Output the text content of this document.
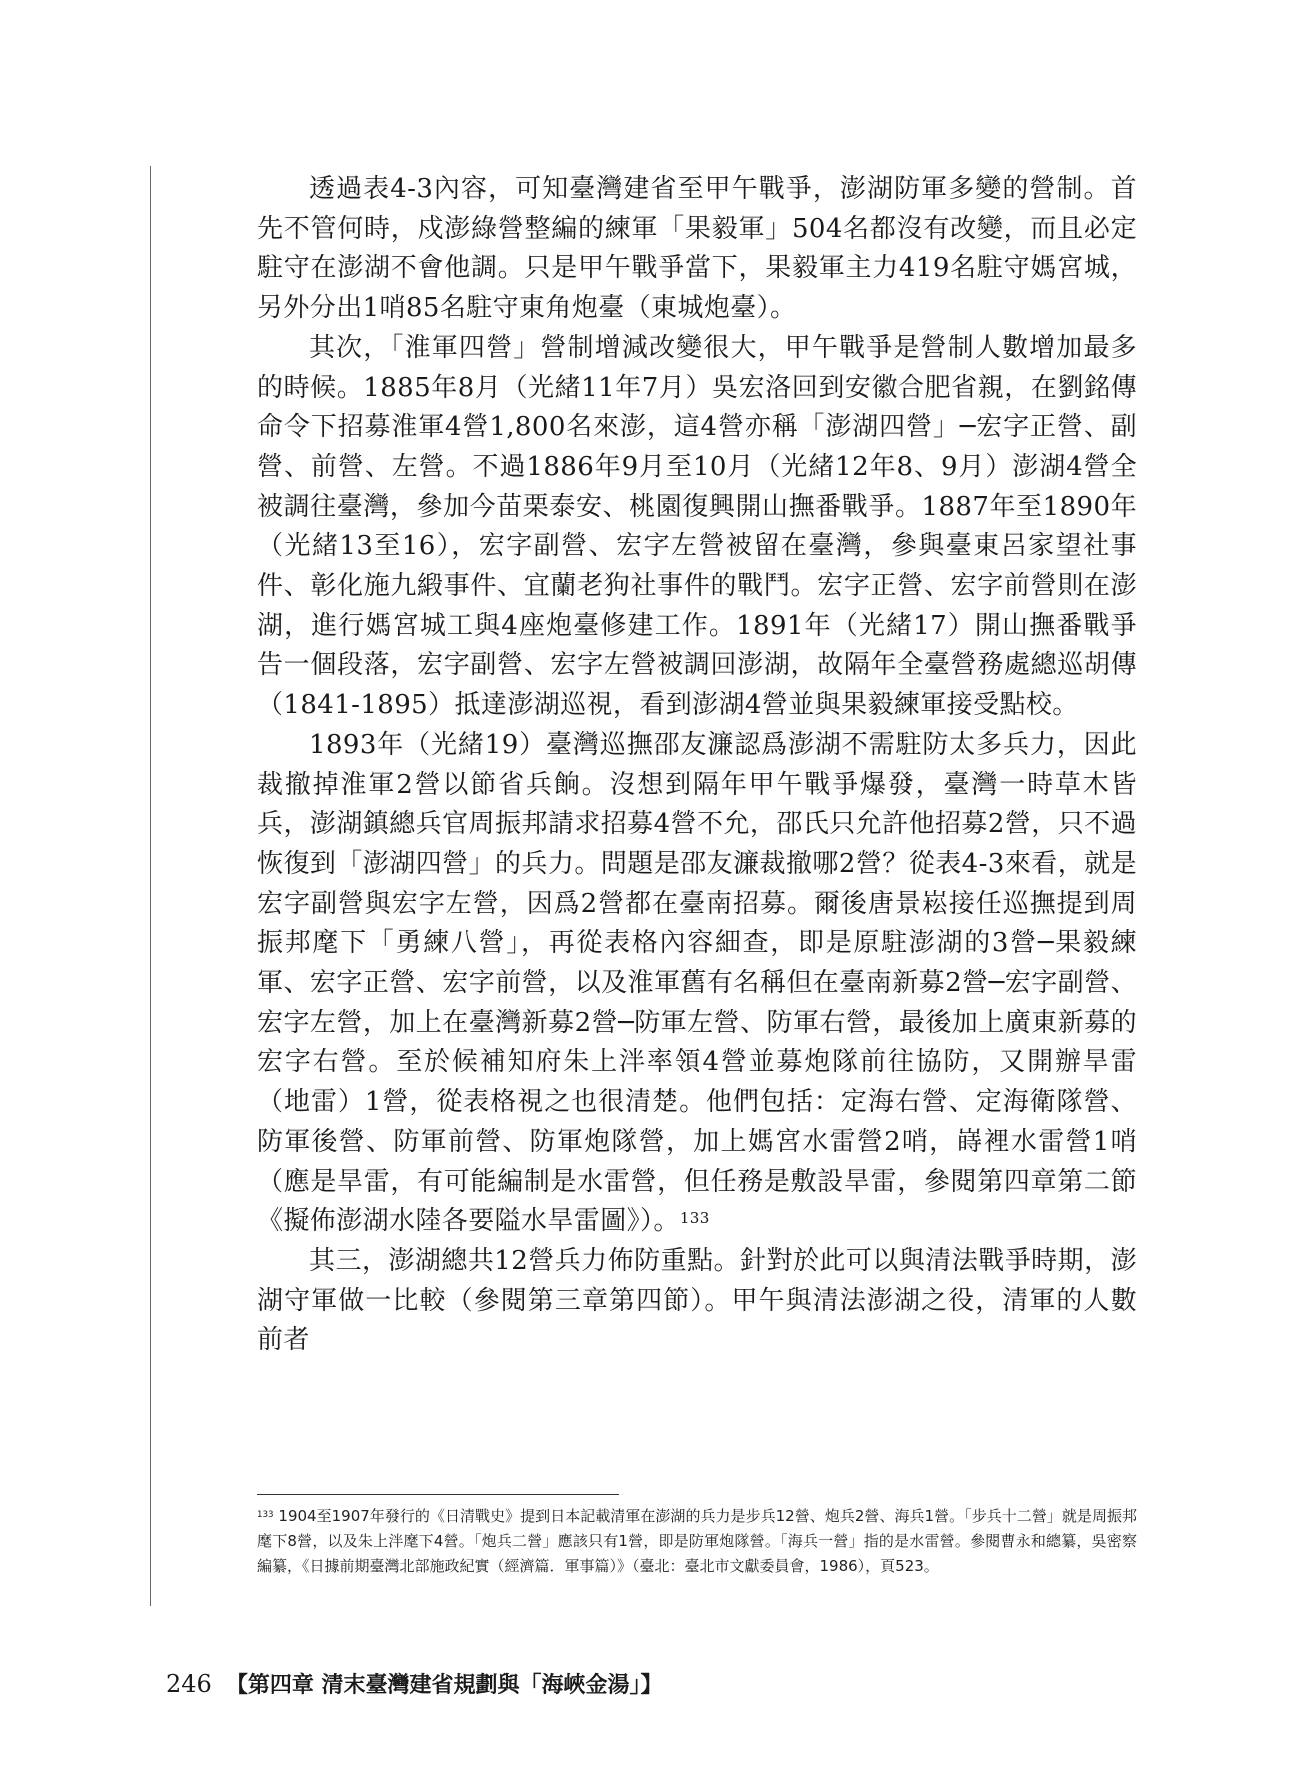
透過表4-3內容，可知臺灣建省至甲午戰爭，澎湖防軍多變的營制。首先不管何時，戍澎綠營整編的練軍「果毅軍」504名都沒有改變，而且必定駐守在澎湖不會他調。只是甲午戰爭當下，果毅軍主力419名駐守媽宮城，另外分出1哨85名駐守東角炮臺（東城炮臺）。

其次，「淮軍四營」營制增減改變很大，甲午戰爭是營制人數增加最多的時候。1885年8月（光緒11年7月）吳宏洛回到安徽合肥省親，在劉銘傳命令下招募淮軍4營1,800名來澎，這4營亦稱「澎湖四營」─宏字正營、副營、前營、左營。不過1886年9月至10月（光緒12年8、9月）澎湖4營全被調往臺灣，參加今苗栗泰安、桃園復興開山撫番戰爭。1887年至1890年（光緒13至16），宏字副營、宏字左營被留在臺灣，參與臺東呂家望社事件、彰化施九緞事件、宜蘭老狗社事件的戰鬥。宏字正營、宏字前營則在澎湖，進行媽宮城工與4座炮臺修建工作。1891年（光緒17）開山撫番戰爭告一個段落，宏字副營、宏字左營被調回澎湖，故隔年全臺營務處總巡胡傳（1841-1895）抵達澎湖巡視，看到澎湖4營並與果毅練軍接受點校。

1893年（光緒19）臺灣巡撫邵友濂認爲澎湖不需駐防太多兵力，因此裁撤掉淮軍2營以節省兵餉。沒想到隔年甲午戰爭爆發，臺灣一時草木皆兵，澎湖鎮總兵官周振邦請求招募4營不允，邵氏只允許他招募2營，只不過恢復到「澎湖四營」的兵力。問題是邵友濂裁撤哪2營？從表4-3來看，就是宏字副營與宏字左營，因爲2營都在臺南招募。爾後唐景崧接任巡撫提到周振邦麾下「勇練八營」，再從表格內容細查，即是原駐澎湖的3營─果毅練軍、宏字正營、宏字前營，以及淮軍舊有名稱但在臺南新募2營─宏字副營、宏字左營，加上在臺灣新募2營─防軍左營、防軍右營，最後加上廣東新募的宏字右營。至於候補知府朱上泮率領4營並募炮隊前往協防，又開辦旱雷（地雷）1營，從表格視之也很清楚。他們包括：定海右營、定海衛隊營、防軍後營、防軍前營、防軍炮隊營，加上媽宮水雷營2哨，嵵裡水雷營1哨（應是旱雷，有可能編制是水雷營，但任務是敷設旱雷，參閱第四章第二節《擬佈澎湖水陸各要隘水旱雷圖》）。$^{133}$

其三，澎湖總共12營兵力佈防重點。針對於此可以與清法戰爭時期，澎湖守軍做一比較（參閱第三章第四節）。甲午與清法澎湖之役，清軍的人數前者

$^{133}$ 1904至1907年發行的《日清戰史》提到日本記載清軍在澎湖的兵力是步兵12營、炮兵2營、海兵1營。「步兵十二營」就是周振邦麾下8營，以及朱上泮麾下4營。「炮兵二營」應該只有1營，即是防軍炮隊營。「海兵一營」指的是水雷營。參閱曹永和總纂，吳密察編纂，《日據前期臺灣北部施政紀實（經濟篇．軍事篇）》（臺北：臺北市文獻委員會，1986），頁523。

246 【第四章 清末臺灣建省規劃與「海峽金湯」】
